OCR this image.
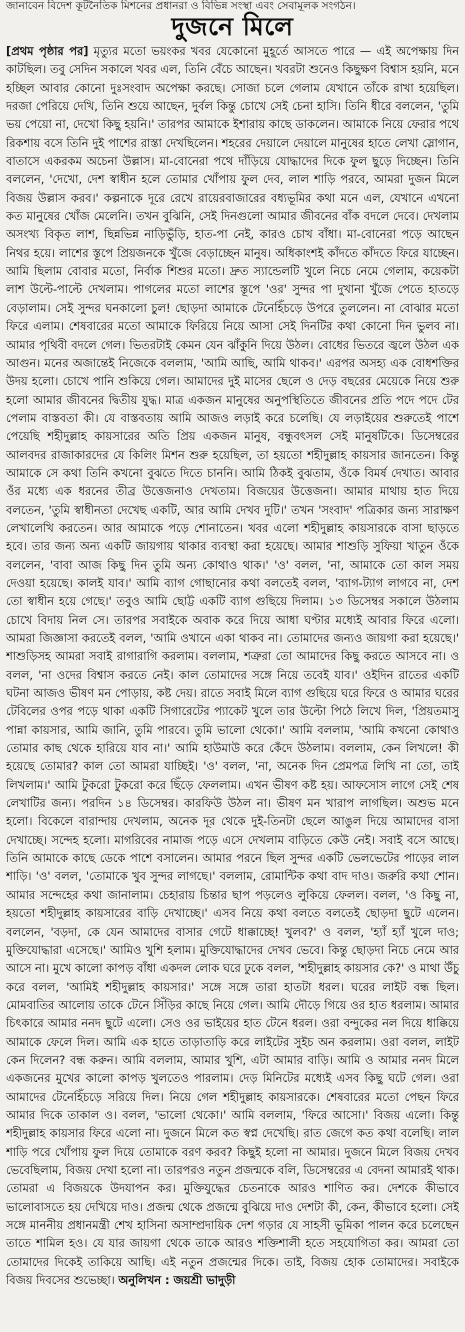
জানাবেন বিদেশ কূটনৈতিক মিশনের প্রধানরা ও বিভিন্ন সংস্থা এবং সেবামূলক সংগঠন।
দুজনে মিলে
[প্রথম পৃষ্ঠার পর] মৃত্যুর মতো ভয়ংকর খবর যেকোনো মুহূর্তে আসতে পারে — এই অপেক্ষায় দিন কাটছিল। তবু সেদিন সকালে খবর এল, তিনি বেঁচে আছেন। খবরটা শুনেও কিছুক্ষণ বিশ্বাস হয়নি, মনে হচ্ছিল আবার কোনো দুঃসংবাদ অপেক্ষা করছে। সোজা চলে গেলাম যেখানে তাঁকে রাখা হয়েছিল। দরজা পেরিয়ে দেখি, তিনি শুয়ে আছেন, দুর্বল কিন্তু চোখে সেই চেনা হাসি। তিনি ধীরে বললেন, 'তুমি ভয় পেয়ো না, দেখো কিছু হয়নি।' তারপর আমাকে ইশারায় কাছে ডাকলেন। আমাকে নিয়ে ফেরার পথে রিকশায় বসে তিনি দুই পাশের রাস্তা দেখছিলেন। শহরের দেয়ালে দেয়ালে মানুষের হাতে লেখা স্লোগান, বাতাসে একরকম অচেনা উল্লাস। মা-বোনেরা পথে দাঁড়িয়ে যোদ্ধাদের দিকে ফুল ছুড়ে দিচ্ছেন। তিনি বললেন, 'দেখো, দেশ স্বাধীন হলে তোমার খোঁপায় ফুল দেব, লাল শাড়ি পরবে, আমরা দুজন মিলে বিজয় উল্লাস করব।' কল্পনাকে দূরে রেখে রায়েরবাজারের বধ্যভূমির কথা মনে এল, যেখানে এখনো কত মানুষের খোঁজ মেলেনি। তখন বুঝিনি, সেই দিনগুলো আমার জীবনের বাঁক বদলে দেবে। দেখলাম অসংখ্য বিকৃত লাশ, ছিন্নভিন্ন নাড়িভুঁড়ি, হাত-পা নেই, কারও চোখ বাঁধা। মা-বোনেরা পড়ে আছেন নিথর হয়ে। লাশের স্তূপে প্রিয়জনকে খুঁজে বেড়াচ্ছেন মানুষ। অধিকাংশই কাঁদতে কাঁদতে ফিরে যাচ্ছেন। আমি ছিলাম বোবার মতো, নির্বাক শিশুর মতো। দ্রুত স্যান্ডেলটি খুলে নিচে নেমে গেলাম, কয়েকটা লাশ উল্টে-পাল্টে দেখলাম। পাগলের মতো লাশের স্তূপে 'ওর' সুন্দর পা দুখানা খুঁজে পেতে হাতড়ে বেড়ালাম। সেই সুন্দর ঘনকালো চুল! ছোড়দা আমাকে টেনেহিঁচড়ে উপরে তুললেন। না বোঝার মতো ফিরে এলাম। শেষবারের মতো আমাকে ফিরিয়ে নিয়ে আসা সেই দিনটির কথা কোনো দিন ভুলব না। আমার পৃথিবী বদলে গেল। ভিতরটাই কেমন যেন ঝাঁকুনি দিয়ে উঠল। বোধের ভিতরে জ্বলে উঠল এক আগুন। মনের অজান্তেই নিজেকে বললাম, 'আমি আছি, আমি থাকব।' এরপর অসহ্য এক বোধশক্তির উদয় হলো। চোখে পানি শুকিয়ে গেল। আমাদের দুই মাসের ছেলে ও দেড় বছরের মেয়েকে নিয়ে শুরু হলো আমার জীবনের দ্বিতীয় যুদ্ধ। মাত্র একজন মানুষের অনুপস্থিতিতে জীবনের প্রতি পদে পদে টের পেলাম বাস্তবতা কী। যে বাস্তবতায় আমি আজও লড়াই করে চলেছি। যে লড়াইয়ের শুরুতেই পাশে পেয়েছি শহীদুল্লাহ কায়সারের অতি প্রিয় একজন মানুষ, বন্ধুবৎসল সেই মানুষটিকে। ডিসেম্বরের আলবদর রাজাকারদের যে কিলিং মিশন শুরু হয়েছিল, তা হয়তো শহীদুল্লাহ কায়সার জানতেন। কিন্তু আমাকে সে কথা তিনি কখনো বুঝতে দিতে চাননি। আমি ঠিকই বুঝতাম, ওঁকে বিমর্ষ দেখাত। আবার ওঁর মধ্যে এক ধরনের তীব্র উত্তেজনাও দেখতাম। বিজয়ের উত্তেজনা। আমার মাথায় হাত দিয়ে বলতেন, 'তুমি স্বাধীনতা দেখেছ একটি, আর আমি দেখব দুটি।' তখন 'সংবাদ' পত্রিকার জন্য সারাক্ষণ লেখালেখি করতেন। আর আমাকে পড়ে শোনাতেন। খবর এলো শহীদুল্লাহ কায়সারকে বাসা ছাড়তে হবে। তার জন্য অন্য একটি জায়গায় থাকার ব্যবস্থা করা হয়েছে। আমার শাশুড়ি সুফিয়া খাতুন ওঁকে বললেন, 'বাবা আজ কিছু দিন তুমি অন্য কোথাও থাক।' 'ও' বলল, 'না, আমাকে তো কাল সময় দেওয়া হয়েছে। কালই যাব।' আমি ব্যাগ গোছানোর কথা বলতেই বলল, 'ব্যাগ-ট্যাগ লাগবে না, দেশ তো স্বাধীন হয়ে গেছে।' তবুও আমি ছোট্ট একটি ব্যাগ গুছিয়ে দিলাম। ১৩ ডিসেম্বর সকালে উঠলাম চোখে বিদায় নিল সে। তারপর সবাইকে অবাক করে দিয়ে আধা ঘণ্টার মধ্যেই আবার ফিরে এলো। আমরা জিজ্ঞাসা করতেই বলল, 'আমি ওখানে একা থাকব না। তোমাদের জন্যও জায়গা করা হয়েছে।' শাশুড়িসহ আমরা সবাই রাগারাগি করলাম। বললাম, শত্রুরা তো আমাদের কিছু করতে আসবে না। ও বলল, 'না ওদের বিশ্বাস করতে নেই। কাল তোমাদের সঙ্গে নিয়ে তবেই যাব।' ওইদিন রাতের একটি ঘটনা আজও ভীষণ মন পোড়ায়, কষ্ট দেয়। রাতে সবাই মিলে ব্যাগ গুছিয়ে ঘরে ফিরে ও আমার ঘরের টেবিলের ওপর পড়ে থাকা একটি সিগারেটের প্যাকেট খুলে তার উল্টো পিঠে লিখে দিল, 'প্রিয়তমাসু পান্না কায়সার, আমি জানি, তুমি পারবে। তুমি ভালো থেকো।' আমি বললাম, 'আমি কখনো কোথাও তোমার কাছ থেকে হারিয়ে যাব না।' আমি হাউমাউ করে কেঁদে উঠলাম। বললাম, কেন লিখলে! কী হয়েছে তোমার? কাল তো আমরা যাচ্ছিই। 'ও' বলল, 'না, অনেক দিন প্রেমপত্র লিখি না তো, তাই লিখলাম।' আমি টুকরো টুকরো করে ছিঁড়ে ফেললাম। এখন ভীষণ কষ্ট হয়। আফসোস লাগে সেই শেষ লেখাটির জন্য। পরদিন ১৪ ডিসেম্বর। কারফিউ উঠল না। ভীষণ মন খারাপ লাগছিল। অশুভ মনে হলো। বিকেলে বারান্দায় দেখলাম, অনেক দূর থেকে দুই-তিনটা ছেলে আঙুল দিয়ে আমাদের বাসা দেখাচ্ছে। সন্দেহ হলো। মাগরিবের নামাজ পড়ে এসে দেখলাম বাড়িতে কেউ নেই। সবাই বসে আছে। তিনি আমাকে কাছে ডেকে পাশে বসালেন। আমার পরনে ছিল সুন্দর একটি ভেলভেটের পাড়ের লাল শাড়ি। 'ও' বলল, 'তোমাকে খুব সুন্দর লাগছে।' বললাম, রোমান্টিক কথা বাদ দাও। জরুরি কথা শোন। আমার সন্দেহের কথা জানালাম। চেহারায় চিন্তার ছাপ পড়লেও লুকিয়ে ফেলল। বলল, 'ও কিছু না, হয়তো শহীদুল্লাহ কায়সারের বাড়ি দেখাচ্ছে।' এসব নিয়ে কথা বলতে বলতেই ছোড়দা ছুটে এলেন। বললেন, 'বড়দা, কে যেন আমাদের বাসার গেটে ধাক্কাচ্ছে! খুলব?' ও বলল, 'হ্যাঁ হ্যাঁ খুলে দাও; মুক্তিযোদ্ধারা এসেছে।' আমিও খুশি হলাম। মুক্তিযোদ্ধাদের দেখব ভেবে। কিন্তু ছোড়দা নিচে নেমে আর আসে না। মুখে কালো কাপড় বাঁধা একদল লোক ঘরে ঢুকে বলল, 'শহীদুল্লাহ কায়সার কে?' ও মাথা উঁচু করে বলল, 'আমিই শহীদুল্লাহ কায়সার।' সঙ্গে সঙ্গে তারা হাতটা ধরল। ঘরের লাইট বন্ধ ছিল। মোমবাতির আলোয় তাকে টেনে সিঁড়ির কাছে নিয়ে গেল। আমি দৌড়ে গিয়ে ওর হাত ধরলাম। আমার চিৎকারে আমার ননদ ছুটে এলো। সেও ওর ভাইয়ের হাত টেনে ধরল। ওরা বন্দুকের নল দিয়ে ধাক্কিয়ে আমাকে ফেলে দিল। আমি এক হাতে তাড়াতাড়ি করে লাইটের সুইচ অন করলাম। ওরা বলল, লাইট কেন দিলেন? বন্ধ করুন। আমি বললাম, আমার খুশি, এটা আমার বাড়ি। আমি ও আমার ননদ মিলে একজনের মুখের কালো কাপড় খুলতেও পারলাম। দেড় মিনিটের মধ্যেই এসব কিছু ঘটে গেল। ওরা আমাদের টেনেহিঁচড়ে সরিয়ে দিল। নিয়ে গেল শহীদুল্লাহ কায়সারকে। শেষবারের মতো পেছন ফিরে আমার দিকে তাকাল ও। বলল, 'ভালো থেকো।' আমি বললাম, 'ফিরে আসো।' বিজয় এলো। কিন্তু শহীদুল্লাহ কায়সার ফিরে এলো না। দুজনে মিলে কত স্বপ্ন দেখেছি। রাত জেগে কত কথা বলেছি। লাল শাড়ি পরে খোঁপায় ফুল দিয়ে তোমাকে বরণ করব? কিছুই হলো না আমার। দুজনে মিলে বিজয় দেখব ভেবেছিলাম, বিজয় দেখা হলো না। তারপরও নতুন প্রজন্মকে বলি, ডিসেম্বরের এ বেদনা আমারই থাক। তোমরা এ বিজয়কে উদযাপন কর। মুক্তিযুদ্ধের চেতনাকে আরও শাণিত কর। দেশকে কীভাবে ভালোবাসতে হয় দেখিয়ে দাও। প্রজন্ম থেকে প্রজন্মে বুঝিয়ে দাও দেশটা কী, কেন, কীভাবে হলো। সেই সঙ্গে মাননীয় প্রধানমন্ত্রী শেখ হাসিনা অসাম্প্রদায়িক দেশ গড়ার যে সাহসী ভূমিকা পালন করে চলেছেন তাতে শামিল হও। যে যার জায়গা থেকে তাকে আরও শক্তিশালী হতে সহযোগিতা কর। আমরা তো তোমাদের দিকেই তাকিয়ে আছি। এই নতুন প্রজন্মের দিকে। তাই, বিজয় হোক তোমাদের। সবাইকে বিজয় দিবসের শুভেচ্ছা। অনুলিখন : জয়শ্রী ভাদুড়ী
